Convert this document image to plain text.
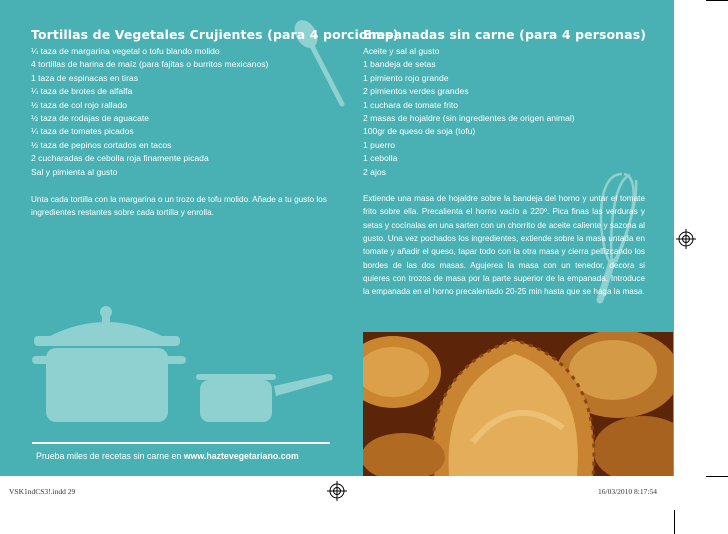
Tortillas de Vegetales Crujientes (para 4 porciones)
¼ taza de margarina vegetal o tofu blando molido
4 tortillas de harina de maíz (para fajitas o burritos mexicanos)
1 taza de espinacas en tiras
¼ taza de brotes de alfalfa
½ taza de col rojo rallado
½ taza de rodajas de aguacate
¼ taza de tomates picados
½ taza de pepinos cortados en tacos
2 cucharadas de cebolla roja finamente picada
Sal y pimienta al gusto

Unta cada tortilla con la margarina o un trozo de tofu molido. Añade a tu gusto los ingredientes restantes sobre cada tortilla y enrolla.

Empanadas sin carne (para 4 personas)
Aceite y sal al gusto
1 bandeja de setas
1 pimiento rojo grande
2 pimientos verdes grandes
1 cuchara de tomate frito
2 masas de hojaldre (sin ingredientes de origen animal)
100gr de queso de soja (tofu)
1 puerro
1 cebolla
2 ajos

Extiende una masa de hojaldre sobre la bandeja del horno y untar el tomate frito sobre ella. Precalienta el horno vacío a 220º. Pica finas las verduras y setas y cocínalas en una sarten con un chorrito de aceite caliente y sazona al gusto. Una vez pochados los ingredientes, extiende sobre la masa untada en tomate y añadir el queso, tapar todo con la otra masa y cierra pellizcando los bordes de las dos masas. Agujerea la masa con un tenedor, decora si quieres con trozos de masa por la parte superior de la empanada. Introduce la empanada en el horno precalentado 20-25 min hasta que se haga la masa.

Prueba miles de recetas sin carne en www.haztevegetariano.com
VSK1ndCS3!.indd 29	16/03/2010 8:17:54
